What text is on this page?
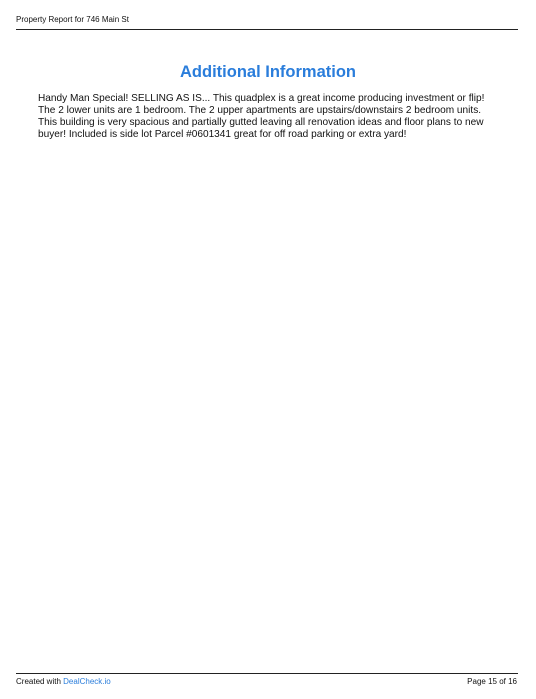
Property Report for 746 Main St
Additional Information

Handy Man Special! SELLING AS IS... This quadplex is a great income producing investment or flip! The 2 lower units are 1 bedroom. The 2 upper apartments are upstairs/downstairs 2 bedroom units. This building is very spacious and partially gutted leaving all renovation ideas and floor plans to new buyer! Included is side lot Parcel #0601341 great for off road parking or extra yard!

Created with DealCheck.io	Page 15 of 16
